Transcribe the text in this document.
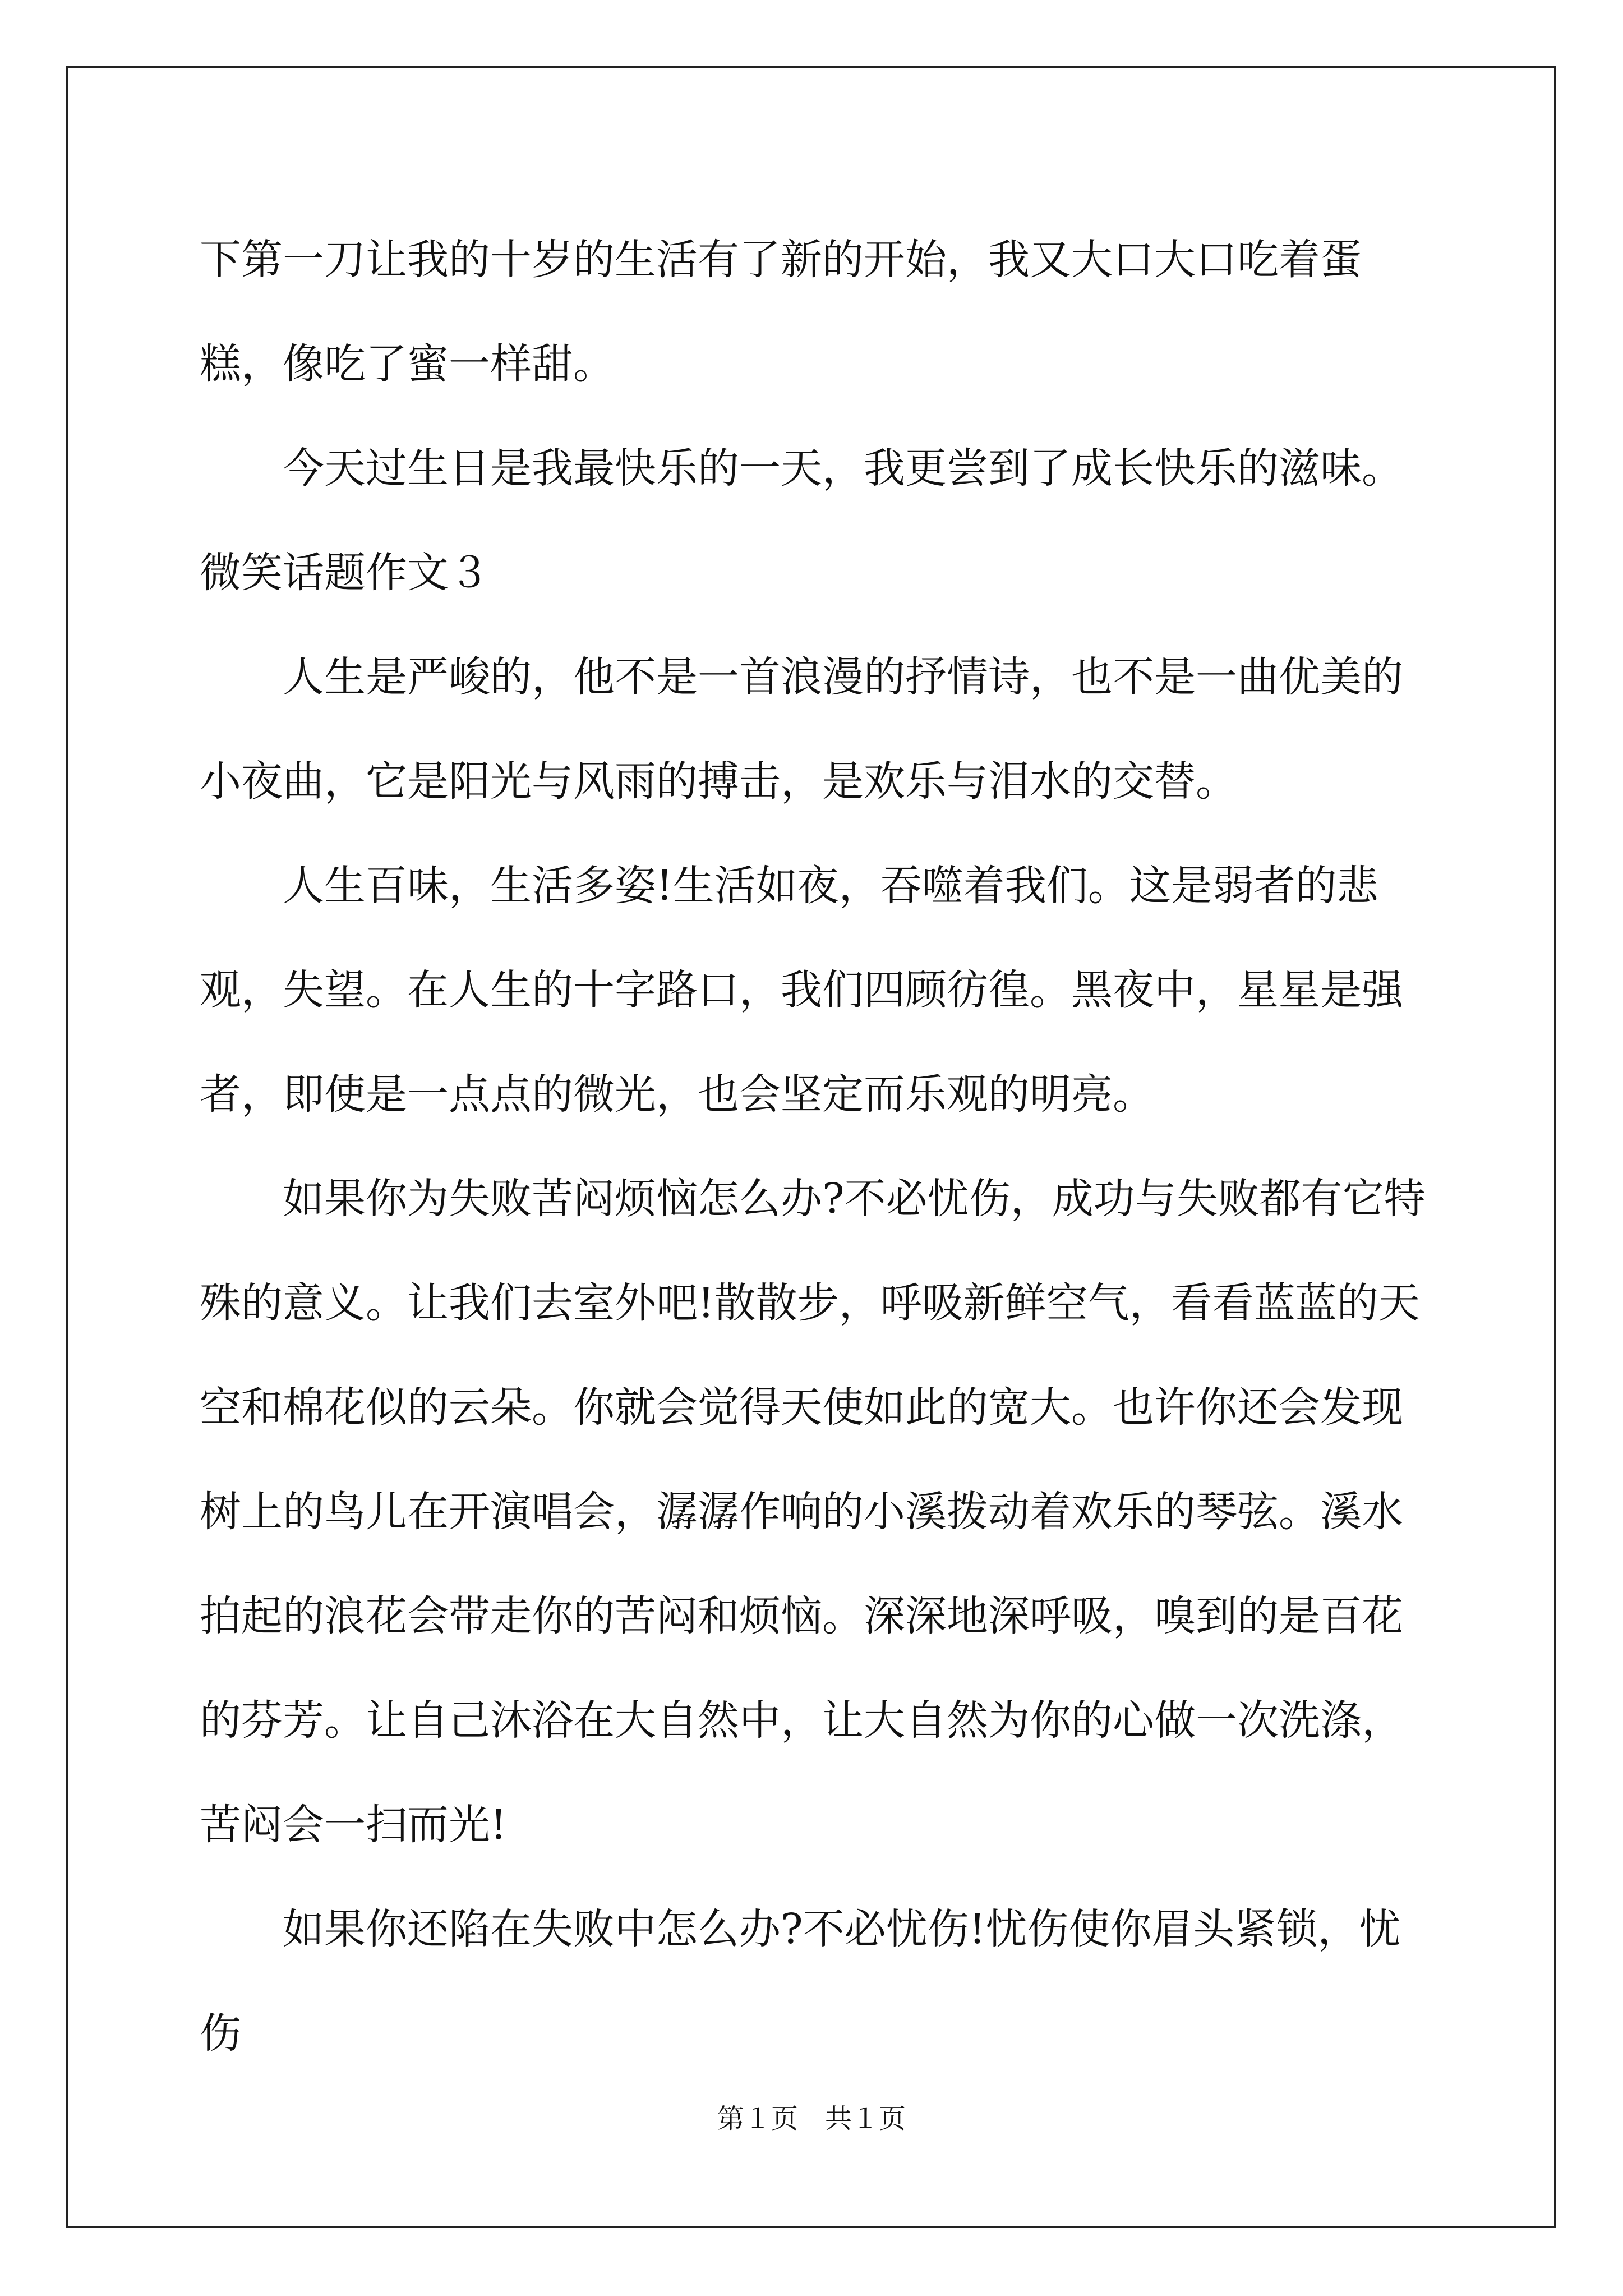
下第一刀让我的十岁的生活有了新的开始，我又大口大口吃着蛋糕，像吃了蜜一样甜。

今天过生日是我最快乐的一天，我更尝到了成长快乐的滋味。

微笑话题作文３

人生是严峻的，他不是一首浪漫的抒情诗，也不是一曲优美的小夜曲，它是阳光与风雨的搏击，是欢乐与泪水的交替。

人生百味，生活多姿!生活如夜，吞噬着我们。这是弱者的悲观，失望。在人生的十字路口，我们四顾彷徨。黑夜中，星星是强者，即使是一点点的微光，也会坚定而乐观的明亮。

如果你为失败苦闷烦恼怎么办?不必忧伤，成功与失败都有它特殊的意义。让我们去室外吧!散散步，呼吸新鲜空气，看看蓝蓝的天空和棉花似的云朵。你就会觉得天使如此的宽大。也许你还会发现树上的鸟儿在开演唱会，潺潺作响的小溪拨动着欢乐的琴弦。溪水拍起的浪花会带走你的苦闷和烦恼。深深地深呼吸，嗅到的是百花的芬芳。让自己沐浴在大自然中，让大自然为你的心做一次洗涤，苦闷会一扫而光!

如果你还陷在失败中怎么办?不必忧伤!忧伤使你眉头紧锁，忧伤

第１页 共１页
